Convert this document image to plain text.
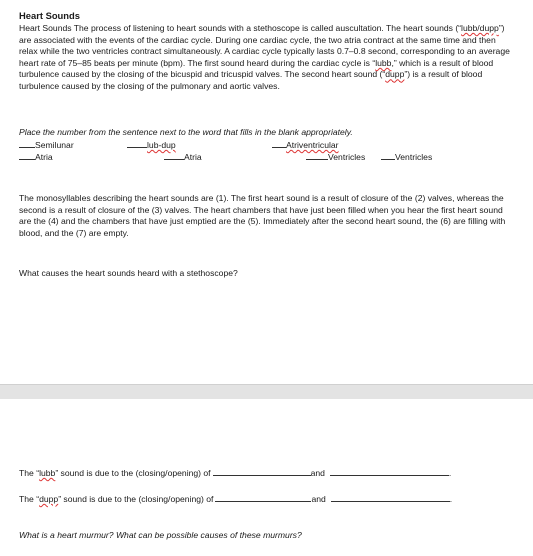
Heart Sounds

Heart Sounds The process of listening to heart sounds with a stethoscope is called auscultation. The heart sounds (“lubb/dupp”) are associated with the events of the cardiac cycle. During one cardiac cycle, the two atria contract at the same time and then relax while the two ventricles contract simultaneously. A cardiac cycle typically lasts 0.7–0.8 second, corresponding to an average heart rate of 75–85 beats per minute (bpm). The first sound heard during the cardiac cycle is “lubb,” which is a result of blood turbulence caused by the closing of the bicuspid and tricuspid valves. The second heart sound (“dupp”) is a result of blood turbulence caused by the closing of the pulmonary and aortic valves.

Place the number from the sentence next to the word that fills in the blank appropriately.
Semilunar	lub-dup	Atriventricular
Atria	Atria	Ventricles	Ventricles
The monosyllables describing the heart sounds are (1). The first heart sound is a result of closure of the (2) valves, whereas the second is a result of closure of the (3) valves. The heart chambers that have just been filled when you hear the first heart sound are the (4) and the chambers that have just emptied are the (5). Immediately after the second heart sound, the (6) are filling with blood, and the (7) are empty.
What causes the heart sounds heard with a stethoscope?
The “lubb” sound is due to the (closing/opening) of	and	.
The “dupp” sound is due to the (closing/opening) of	and	.
What is a heart murmur? What can be possible causes of these murmurs?
